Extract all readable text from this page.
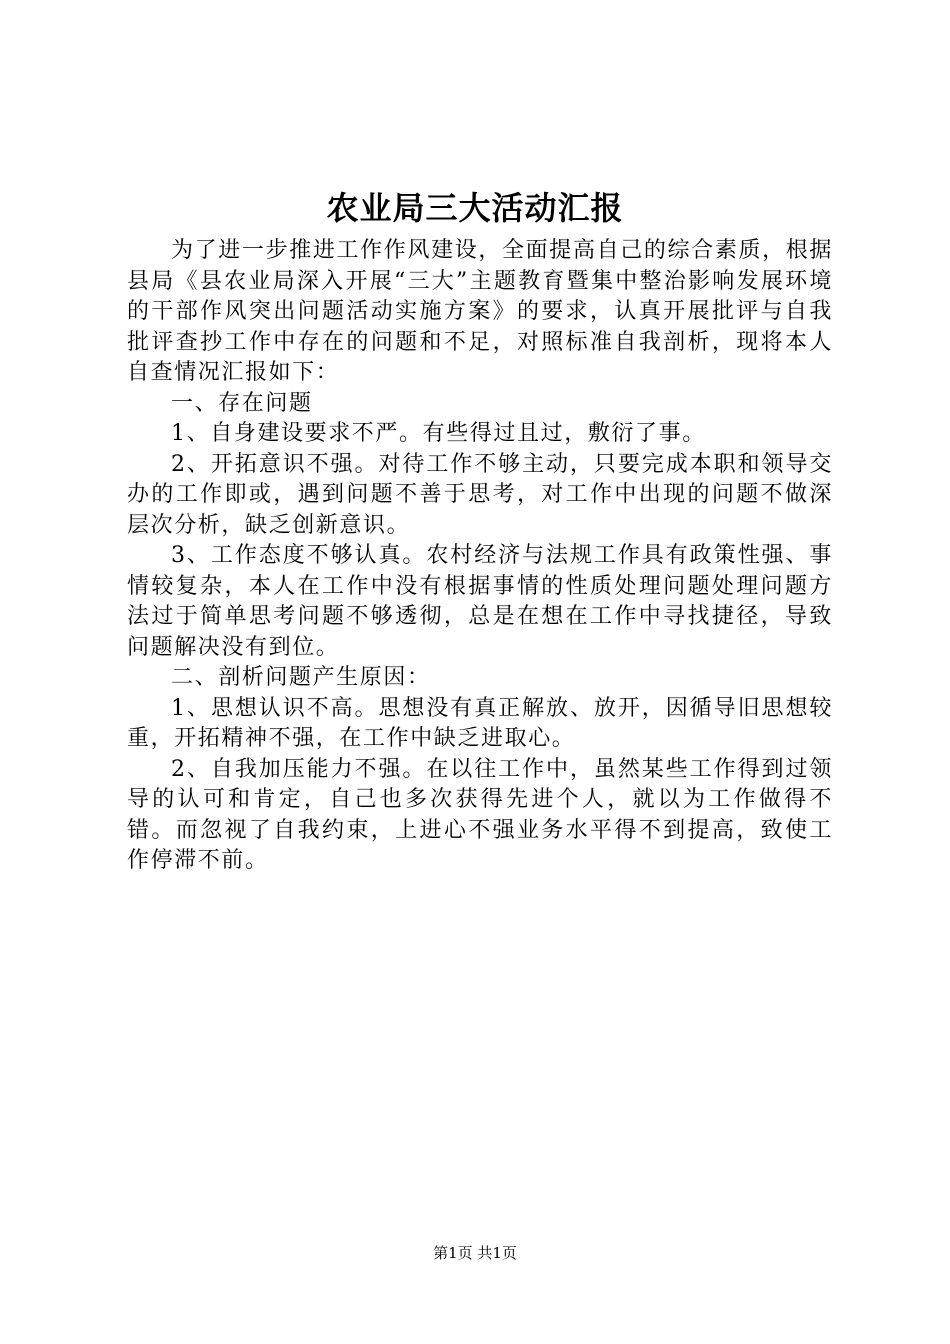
农业局三大活动汇报

为了进一步推进工作作风建设，全面提高自己的综合素质，根据县局《县农业局深入开展“三大”主题教育暨集中整治影响发展环境的干部作风突出问题活动实施方案》的要求，认真开展批评与自我批评查抄工作中存在的问题和不足，对照标准自我剖析，现将本人自查情况汇报如下：

一、存在问题

1、自身建设要求不严。有些得过且过，敷衍了事。

2、开拓意识不强。对待工作不够主动，只要完成本职和领导交办的工作即或，遇到问题不善于思考，对工作中出现的问题不做深层次分析，缺乏创新意识。

3、工作态度不够认真。农村经济与法规工作具有政策性强、事情较复杂，本人在工作中没有根据事情的性质处理问题处理问题方法过于简单思考问题不够透彻，总是在想在工作中寻找捷径，导致问题解决没有到位。

二、剖析问题产生原因：

1、思想认识不高。思想没有真正解放、放开，因循导旧思想较重，开拓精神不强，在工作中缺乏进取心。

2、自我加压能力不强。在以往工作中，虽然某些工作得到过领导的认可和肯定，自己也多次获得先进个人，就以为工作做得不错。而忽视了自我约束，上进心不强业务水平得不到提高，致使工作停滞不前。

第1页 共1页
